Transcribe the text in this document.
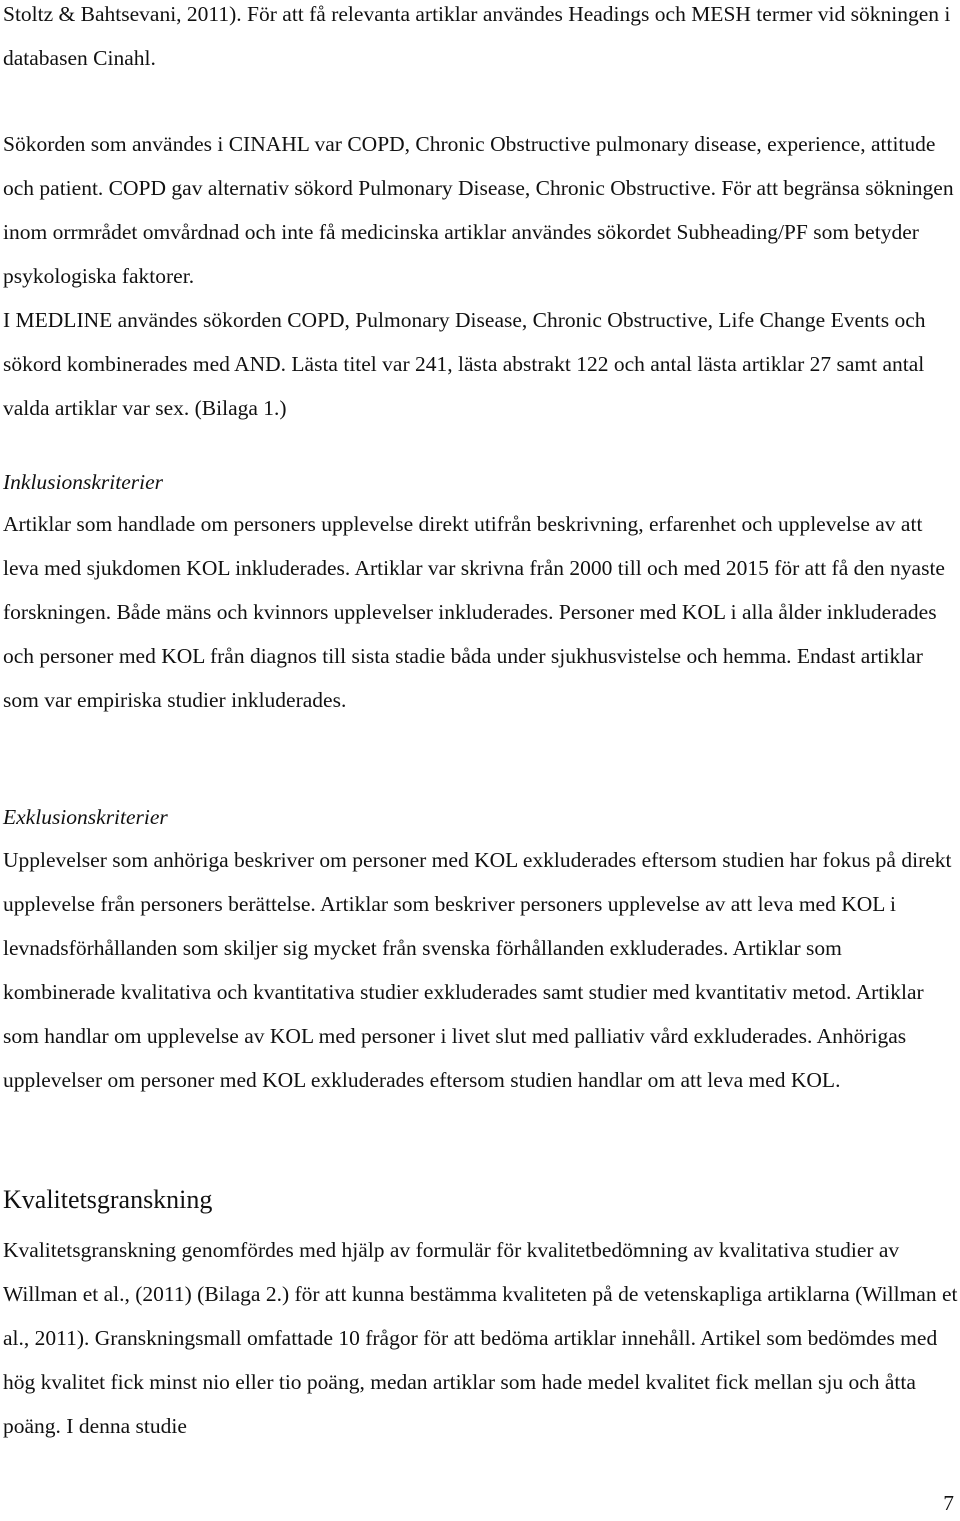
Stoltz & Bahtsevani, 2011). För att få relevanta artiklar användes Headings och MESH termer vid sökningen i databasen Cinahl.

Sökorden som användes i CINAHL var COPD, Chronic Obstructive pulmonary disease, experience, attitude och patient. COPD gav alternativ sökord Pulmonary Disease, Chronic Obstructive. För att begränsa sökningen inom orrmrådet omvårdnad och inte få medicinska artiklar användes sökordet Subheading/PF som betyder psykologiska faktorer.

I MEDLINE användes sökorden COPD, Pulmonary Disease, Chronic Obstructive, Life Change Events och sökord kombinerades med AND. Lästa titel var 241, lästa abstrakt 122 och antal lästa artiklar 27 samt antal valda artiklar var sex. (Bilaga 1.)

Inklusionskriterier

Artiklar som handlade om personers upplevelse direkt utifrån beskrivning, erfarenhet och upplevelse av att leva med sjukdomen KOL inkluderades. Artiklar var skrivna från 2000 till och med 2015 för att få den nyaste forskningen. Både mäns och kvinnors upplevelser inkluderades. Personer med KOL i alla ålder inkluderades och personer med KOL från diagnos till sista stadie båda under sjukhusvistelse och hemma. Endast artiklar som var empiriska studier inkluderades.

Exklusionskriterier

Upplevelser som anhöriga beskriver om personer med KOL exkluderades eftersom studien har fokus på direkt upplevelse från personers berättelse. Artiklar som beskriver personers upplevelse av att leva med KOL i levnadsförhållanden som skiljer sig mycket från svenska förhållanden exkluderades. Artiklar som kombinerade kvalitativa och kvantitativa studier exkluderades samt studier med kvantitativ metod. Artiklar som handlar om upplevelse av KOL med personer i livet slut med palliativ vård exkluderades. Anhörigas upplevelser om personer med KOL exkluderades eftersom studien handlar om att leva med KOL.

Kvalitetsgranskning

Kvalitetsgranskning genomfördes med hjälp av formulär för kvalitetbedömning av kvalitativa studier av Willman et al., (2011) (Bilaga 2.) för att kunna bestämma kvaliteten på de vetenskapliga artiklarna (Willman et al., 2011). Granskningsmall omfattade 10 frågor för att bedöma artiklar innehåll. Artikel som bedömdes med hög kvalitet fick minst nio eller tio poäng, medan artiklar som hade medel kvalitet fick mellan sju och åtta poäng. I denna studie

7
